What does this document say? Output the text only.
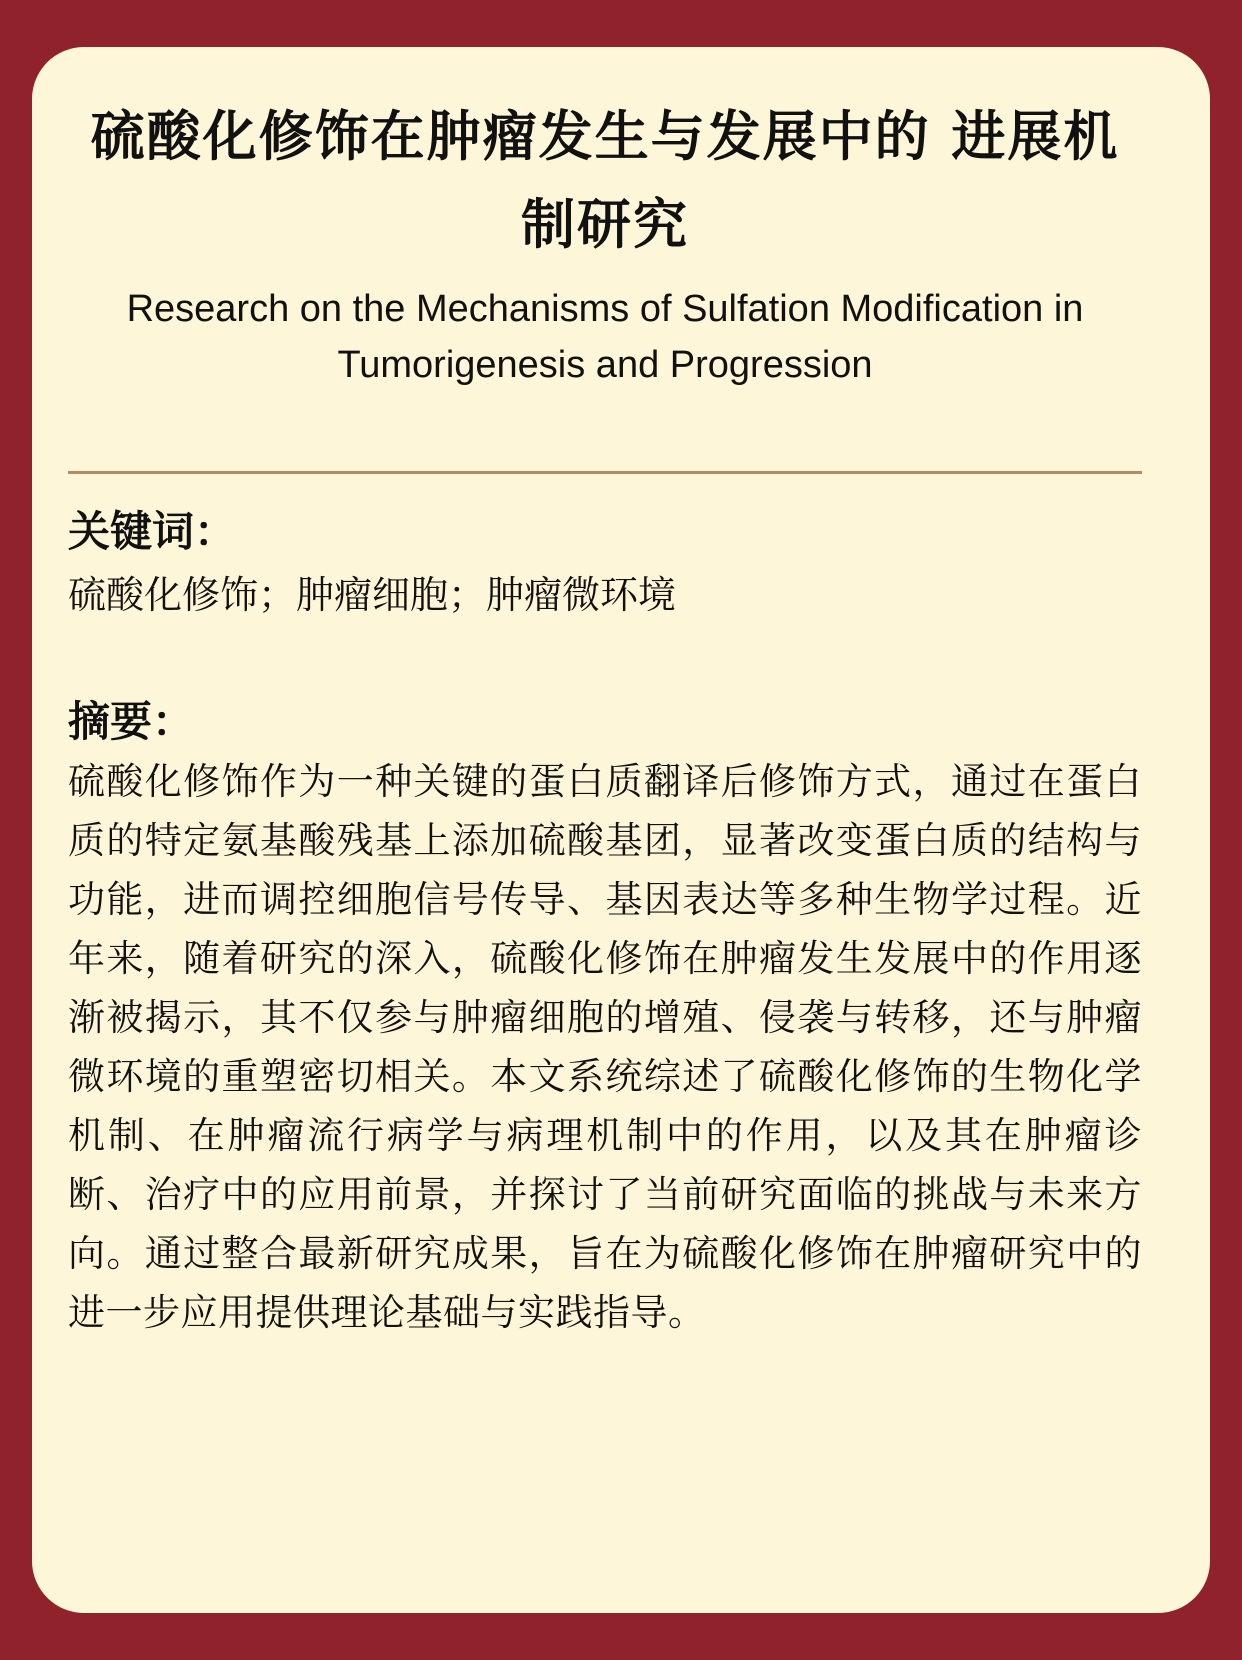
硫酸化修饰在肿瘤发生与发展中的 进展机制研究
Research on the Mechanisms of Sulfation Modification in Tumorigenesis and Progression
关键词：
硫酸化修饰；肿瘤细胞；肿瘤微环境
摘要：
硫酸化修饰作为一种关键的蛋白质翻译后修饰方式，通过在蛋白质的特定氨基酸残基上添加硫酸基团，显著改变蛋白质的结构与功能，进而调控细胞信号传导、基因表达等多种生物学过程。近年来，随着研究的深入，硫酸化修饰在肿瘤发生发展中的作用逐渐被揭示，其不仅参与肿瘤细胞的增殖、侵袭与转移，还与肿瘤微环境的重塑密切相关。本文系统综述了硫酸化修饰的生物化学机制、在肿瘤流行病学与病理机制中的作用，以及其在肿瘤诊断、治疗中的应用前景，并探讨了当前研究面临的挑战与未来方向。通过整合最新研究成果，旨在为硫酸化修饰在肿瘤研究中的进一步应用提供理论基础与实践指导。
